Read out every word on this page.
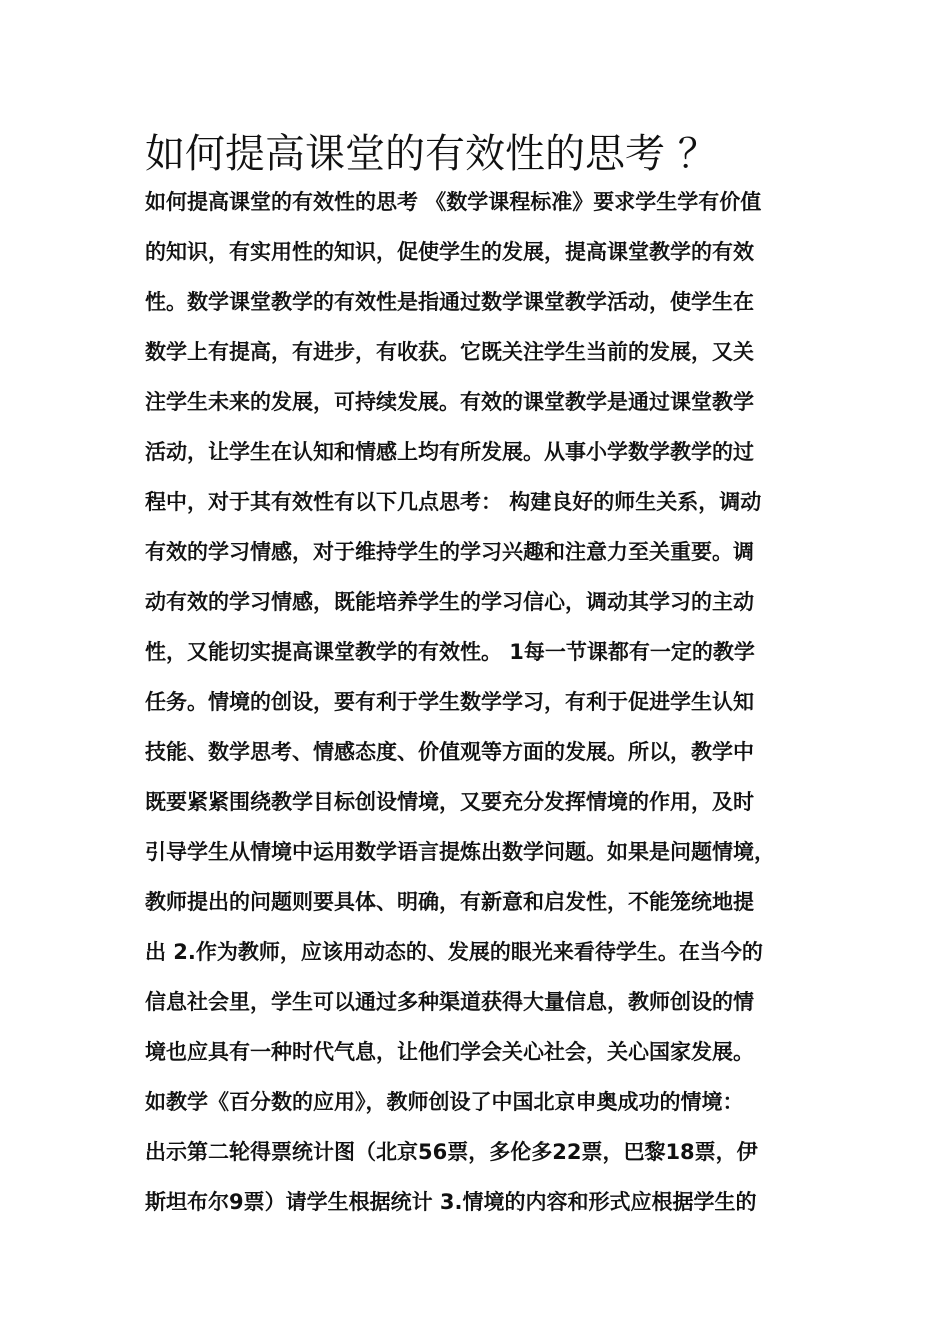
如何提高课堂的有效性的思考 ？
如何提高课堂的有效性的思考 《数学课程标准》要求学生学有价值
的知识，有实用性的知识，促使学生的发展，提高课堂教学的有效
性。数学课堂教学的有效性是指通过数学课堂教学活动，使学生在
数学上有提高，有进步，有收获。它既关注学生当前的发展，又关
注学生未来的发展，可持续发展。有效的课堂教学是通过课堂教学
活动，让学生在认知和情感上均有所发展。从事小学数学教学的过
程中，对于其有效性有以下几点思考： 构建良好的师生关系，调动
有效的学习情感，对于维持学生的学习兴趣和注意力至关重要。调
动有效的学习情感，既能培养学生的学习信心，调动其学习的主动
性，又能切实提高课堂教学的有效性。 1每一节课都有一定的教学
任务。情境的创设，要有利于学生数学学习，有利于促进学生认知
技能、数学思考、情感态度、价值观等方面的发展。所以，教学中
既要紧紧围绕教学目标创设情境，又要充分发挥情境的作用，及时
引导学生从情境中运用数学语言提炼出数学问题。如果是问题情境，
教师提出的问题则要具体、明确，有新意和启发性，不能笼统地提
出 2.作为教师，应该用动态的、发展的眼光来看待学生。在当今的
信息社会里，学生可以通过多种渠道获得大量信息，教师创设的情
境也应具有一种时代气息，让他们学会关心社会，关心国家发展。
如教学《百分数的应用》，教师创设了中国北京申奥成功的情境：
出示第二轮得票统计图（北京56票，多伦多22票，巴黎18票，伊
斯坦布尔9票）请学生根据统计 3.情境的内容和形式应根据学生的
